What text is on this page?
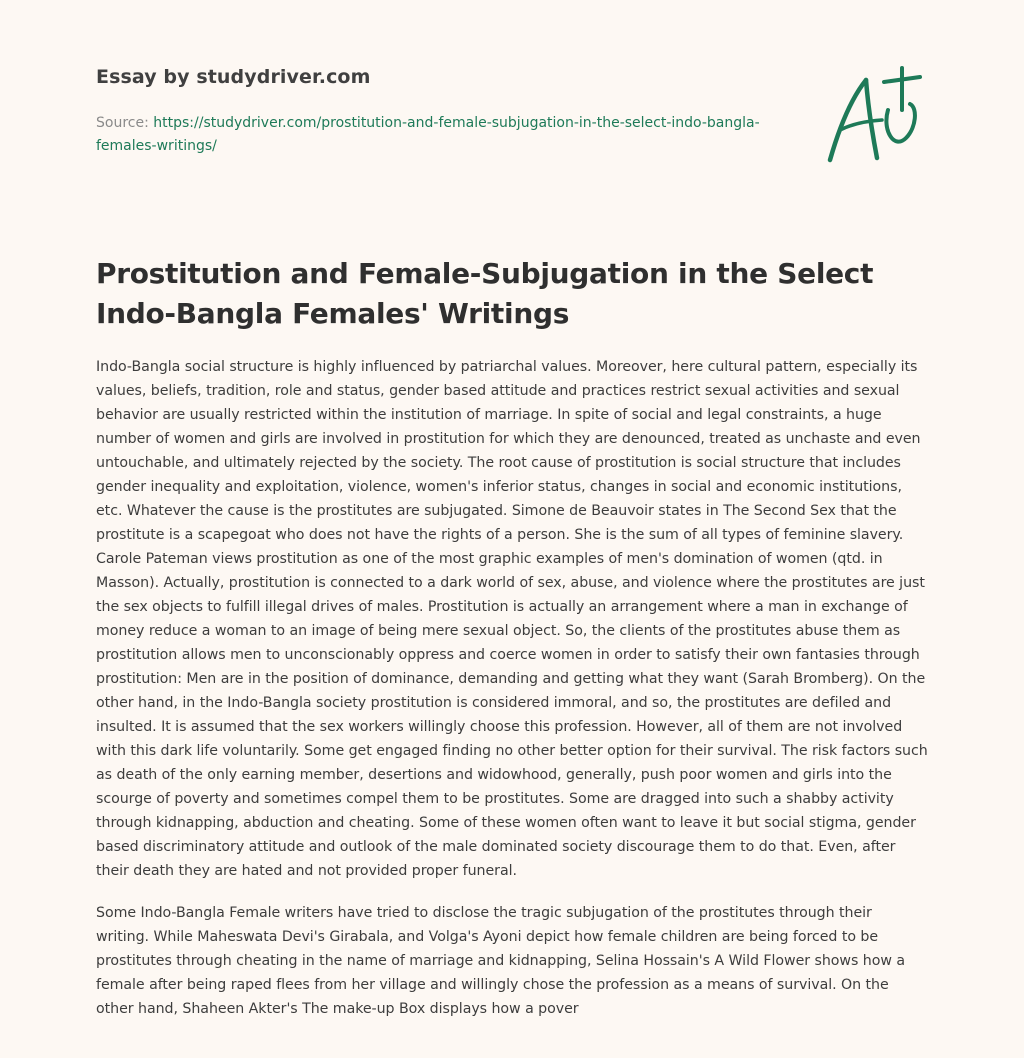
Essay by studydriver.com
Source: https://studydriver.com/prostitution-and-female-subjugation-in-the-select-indo-bangla-females-writings/
Prostitution and Female-Subjugation in the Select Indo-Bangla Females' Writings

Indo-Bangla social structure is highly influenced by patriarchal values. Moreover, here cultural pattern, especially its values, beliefs, tradition, role and status, gender based attitude and practices restrict sexual activities and sexual behavior are usually restricted within the institution of marriage. In spite of social and legal constraints, a huge number of women and girls are involved in prostitution for which they are denounced, treated as unchaste and even untouchable, and ultimately rejected by the society. The root cause of prostitution is social structure that includes gender inequality and exploitation, violence, women's inferior status, changes in social and economic institutions, etc. Whatever the cause is the prostitutes are subjugated. Simone de Beauvoir states in The Second Sex that the prostitute is a scapegoat who does not have the rights of a person. She is the sum of all types of feminine slavery. Carole Pateman views prostitution as one of the most graphic examples of men's domination of women (qtd. in Masson). Actually, prostitution is connected to a dark world of sex, abuse, and violence where the prostitutes are just the sex objects to fulfill illegal drives of males. Prostitution is actually an arrangement where a man in exchange of money reduce a woman to an image of being mere sexual object. So, the clients of the prostitutes abuse them as prostitution allows men to unconscionably oppress and coerce women in order to satisfy their own fantasies through prostitution: Men are in the position of dominance, demanding and getting what they want (Sarah Bromberg). On the other hand, in the Indo-Bangla society prostitution is considered immoral, and so, the prostitutes are defiled and insulted. It is assumed that the sex workers willingly choose this profession. However, all of them are not involved with this dark life voluntarily. Some get engaged finding no other better option for their survival. The risk factors such as death of the only earning member, desertions and widowhood, generally, push poor women and girls into the scourge of poverty and sometimes compel them to be prostitutes. Some are dragged into such a shabby activity through kidnapping, abduction and cheating. Some of these women often want to leave it but social stigma, gender based discriminatory attitude and outlook of the male dominated society discourage them to do that. Even, after their death they are hated and not provided proper funeral.

Some Indo-Bangla Female writers have tried to disclose the tragic subjugation of the prostitutes through their writing. While Maheswata Devi's Girabala, and Volga's Ayoni depict how female children are being forced to be prostitutes through cheating in the name of marriage and kidnapping, Selina Hossain's A Wild Flower shows how a female after being raped flees from her village and willingly chose the profession as a means of survival. On the other hand, Shaheen Akter's The make-up Box displays how a pover
